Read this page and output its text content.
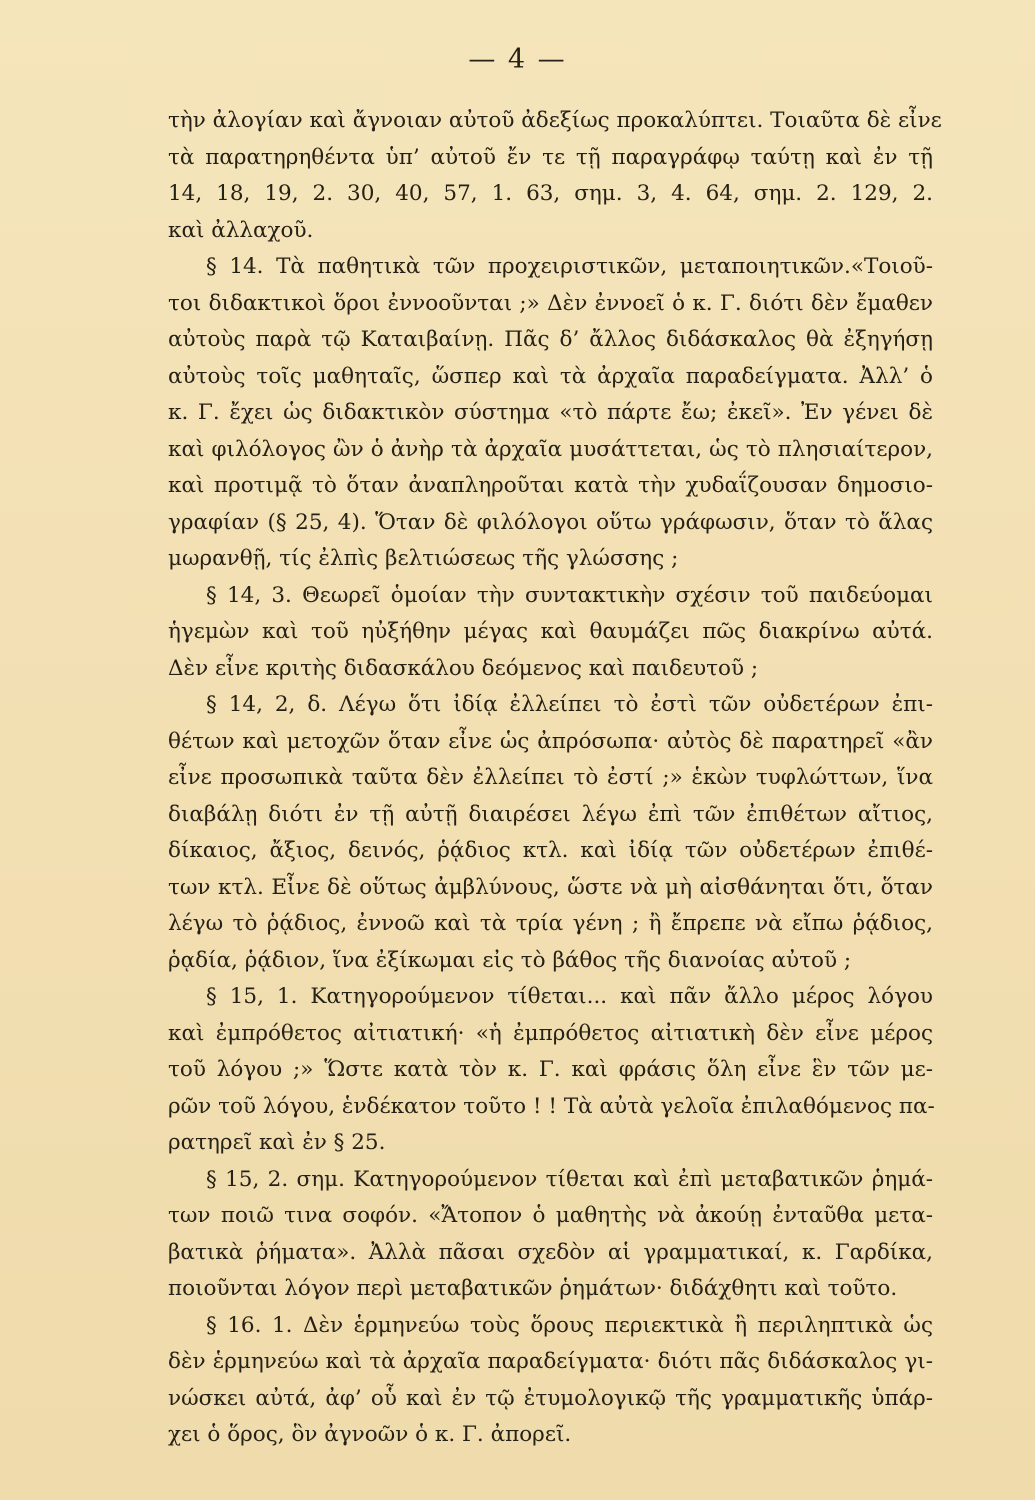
— 4 —
τὴν ἀλογίαν καὶ ἄγνοιαν αὐτοῦ ἀδεξίως προκαλύπτει. Τοιαῦτα δὲ εἶνε
τὰ παρατηρηθέντα ὑπ’ αὐτοῦ ἔν τε τῇ παραγράφῳ ταύτῃ καὶ ἐν τῇ
14, 18, 19, 2. 30, 40, 57, 1. 63, σημ. 3, 4. 64, σημ. 2. 129, 2.
καὶ ἀλλαχοῦ.
§ 14. Τὰ παθητικὰ τῶν προχειριστικῶν, μεταποιητικῶν.«Τοιοῦ-
τοι διδακτικοὶ ὅροι ἐννοοῦνται ;» Δὲν ἐννοεῖ ὁ κ. Γ. διότι δὲν ἔμαθεν
αὐτοὺς παρὰ τῷ Καταιβαίνῃ. Πᾶς δ’ ἄλλος διδάσκαλος θὰ ἐξηγήσῃ
αὐτοὺς τοῖς μαθηταῖς, ὥσπερ καὶ τὰ ἀρχαῖα παραδείγματα. Ἀλλ’ ὁ
κ. Γ. ἔχει ὡς διδακτικὸν σύστημα «τὸ πάρτε ἔω; ἐκεῖ». Ἐν γένει δὲ
καὶ φιλόλογος ὢν ὁ ἀνὴρ τὰ ἀρχαῖα μυσάττεται, ὡς τὸ πλησιαίτερον,
καὶ προτιμᾷ τὸ ὅταν ἀναπληροῦται κατὰ τὴν χυδαΐζουσαν δημοσιο-
γραφίαν (§ 25, 4). Ὅταν δὲ φιλόλογοι οὕτω γράφωσιν, ὅταν τὸ ἅλας
μωρανθῇ, τίς ἐλπὶς βελτιώσεως τῆς γλώσσης ;
§ 14, 3. Θεωρεῖ ὁμοίαν τὴν συντακτικὴν σχέσιν τοῦ παιδεύομαι
ἡγεμὼν καὶ τοῦ ηὐξήθην μέγας καὶ θαυμάζει πῶς διακρίνω αὐτά.
Δὲν εἶνε κριτὴς διδασκάλου δεόμενος καὶ παιδευτοῦ ;
§ 14, 2, δ. Λέγω ὅτι ἰδίᾳ ἐλλείπει τὸ ἐστὶ τῶν οὐδετέρων ἐπι-
θέτων καὶ μετοχῶν ὅταν εἶνε ὡς ἀπρόσωπα· αὐτὸς δὲ παρατηρεῖ «ἂν
εἶνε προσωπικὰ ταῦτα δὲν ἐλλείπει τὸ ἐστί ;» ἑκὼν τυφλώττων, ἵνα
διαβάλῃ διότι ἐν τῇ αὐτῇ διαιρέσει λέγω ἐπὶ τῶν ἐπιθέτων αἴτιος,
δίκαιος, ἄξιος, δεινός, ῥᾴδιος κτλ. καὶ ἰδίᾳ τῶν οὐδετέρων ἐπιθέ-
των κτλ. Εἶνε δὲ οὕτως ἀμβλύνους, ὥστε νὰ μὴ αἰσθάνηται ὅτι, ὅταν
λέγω τὸ ῥᾴδιος, ἐννοῶ καὶ τὰ τρία γένη ; ἢ ἔπρεπε νὰ εἴπω ῥᾴδιος,
ῥᾳδία, ῥᾴδιον, ἵνα ἐξίκωμαι εἰς τὸ βάθος τῆς διανοίας αὐτοῦ ;
§ 15, 1. Κατηγορούμενον τίθεται... καὶ πᾶν ἄλλο μέρος λόγου
καὶ ἐμπρόθετος αἰτιατική· «ἡ ἐμπρόθετος αἰτιατικὴ δὲν εἶνε μέρος
τοῦ λόγου ;» Ὥστε κατὰ τὸν κ. Γ. καὶ φράσις ὅλη εἶνε ἓν τῶν με-
ρῶν τοῦ λόγου, ἑνδέκατον τοῦτο ! ! Τὰ αὐτὰ γελοῖα ἐπιλαθόμενος πα-
ρατηρεῖ καὶ ἐν § 25.
§ 15, 2. σημ. Κατηγορούμενον τίθεται καὶ ἐπὶ μεταβατικῶν ῥημά-
των ποιῶ τινα σοφόν. «Ἄτοπον ὁ μαθητὴς νὰ ἀκούῃ ἐνταῦθα μετα-
βατικὰ ῥήματα». Ἀλλὰ πᾶσαι σχεδὸν αἱ γραμματικαί, κ. Γαρδίκα,
ποιοῦνται λόγον περὶ μεταβατικῶν ῥημάτων· διδάχθητι καὶ τοῦτο.
§ 16. 1. Δὲν ἑρμηνεύω τοὺς ὅρους περιεκτικὰ ἢ περιληπτικὰ ὡς
δὲν ἑρμηνεύω καὶ τὰ ἀρχαῖα παραδείγματα· διότι πᾶς διδάσκαλος γι-
νώσκει αὐτά, ἀφ’ οὗ καὶ ἐν τῷ ἐτυμολογικῷ τῆς γραμματικῆς ὑπάρ-
χει ὁ ὅρος, ὃν ἀγνοῶν ὁ κ. Γ. ἀπορεῖ.
